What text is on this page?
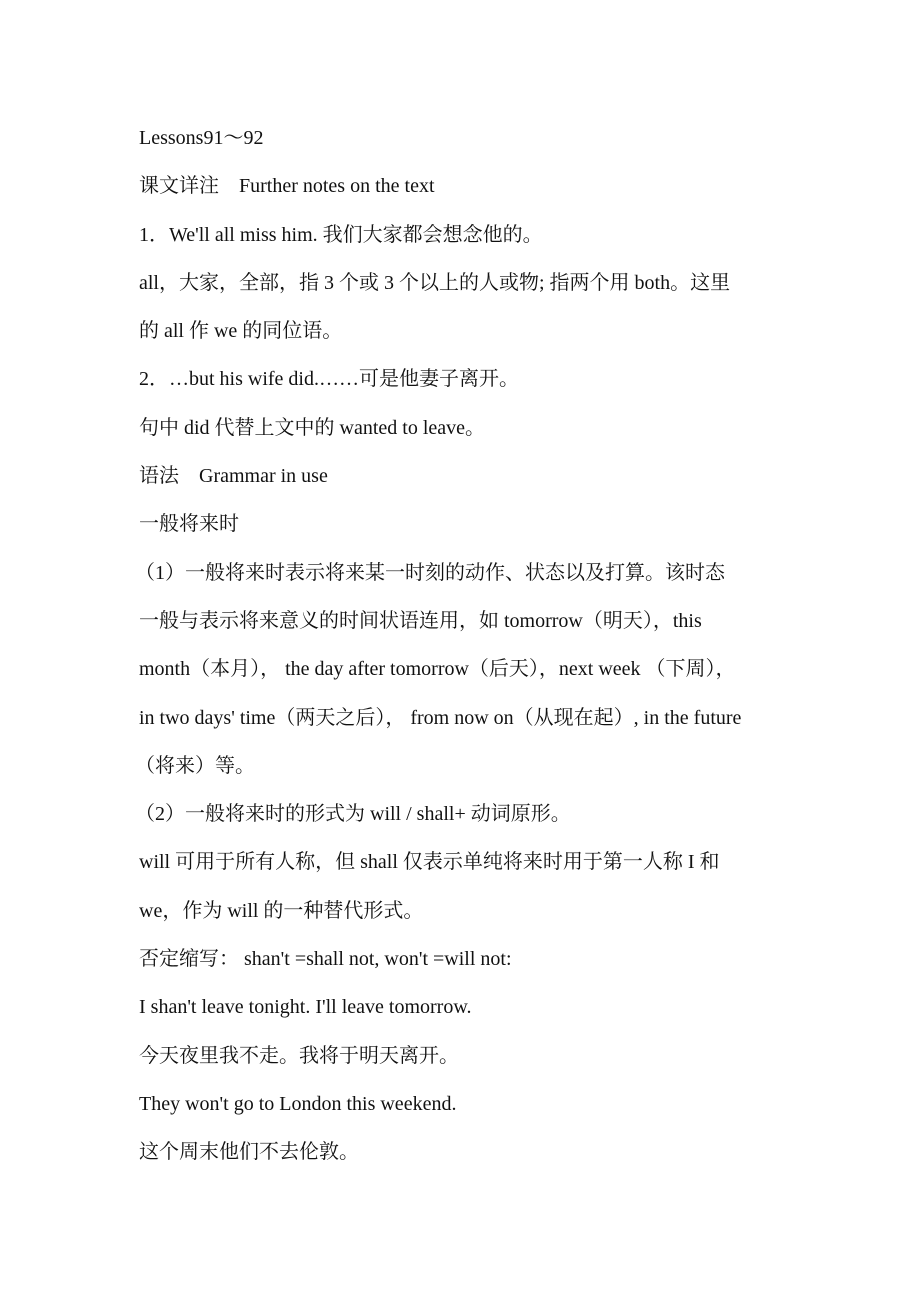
Lessons91～92
课文详注　Further notes on the text
1．We'll all miss him. 我们大家都会想念他的。
all，大家，全部，指 3 个或 3 个以上的人或物; 指两个用 both。这里
的 all 作 we 的同位语。
2．…but his wife did.……可是他妻子离开。
句中 did 代替上文中的 wanted to leave。
语法　Grammar in use
一般将来时
（1）一般将来时表示将来某一时刻的动作、状态以及打算。该时态
一般与表示将来意义的时间状语连用，如 tomorrow（明天），this
month（本月）， the day after tomorrow（后天），next week （下周），
in two days' time（两天之后）， from now on（从现在起）, in the future
（将来）等。
（2）一般将来时的形式为 will / shall+ 动词原形。
will 可用于所有人称，但 shall 仅表示单纯将来时用于第一人称 I 和
we，作为 will 的一种替代形式。
否定缩写： shan't =shall not, won't =will not:
I shan't leave tonight. I'll leave tomorrow.
今天夜里我不走。我将于明天离开。
They won't go to London this weekend.
这个周末他们不去伦敦。
